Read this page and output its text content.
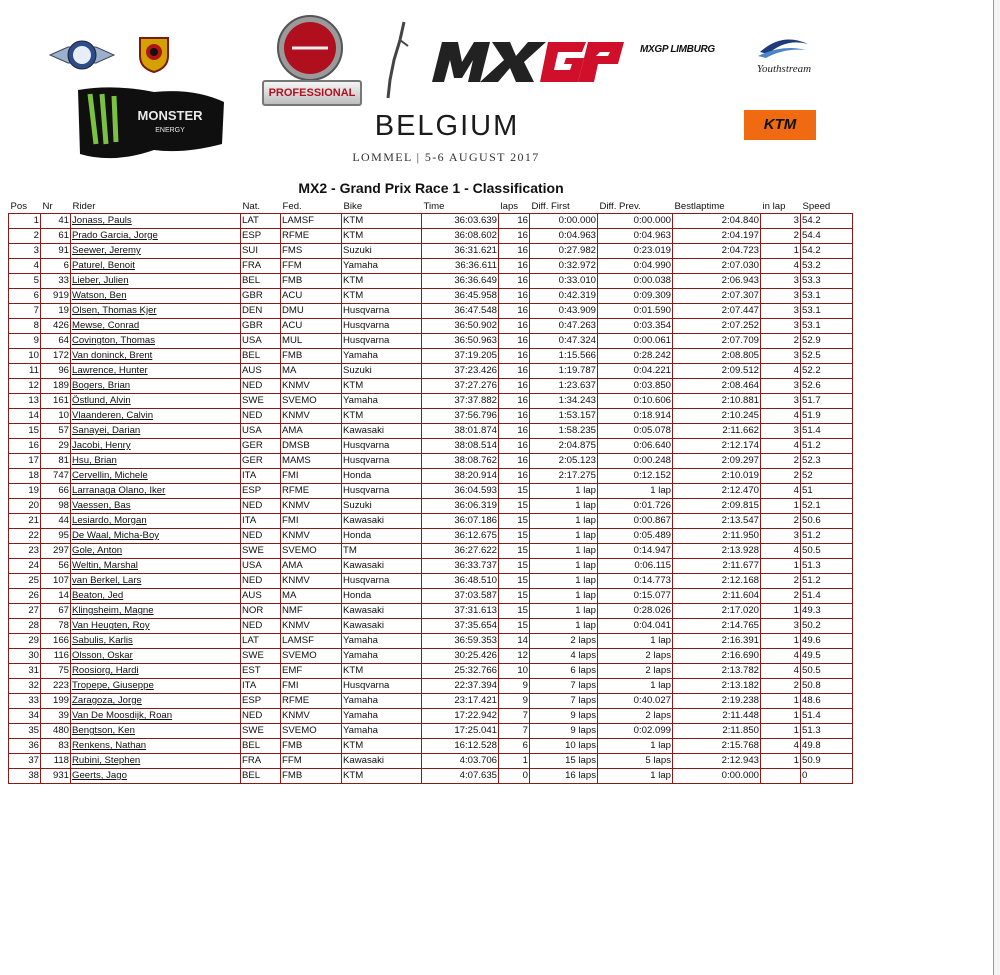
PROFESSIONAL
MXGP LIMBURG
Youthstream
MONSTER
ENERGY	BELGIUM
LOMMEL | 5-6 AUGUST 2017
KTM
MX2 - Grand Prix Race 1 - Classification
Pos	Nr	Rider	Nat.	Fed.	Bike	Time	laps	Diff. First	Diff. Prev.	Bestlaptime	in lap	Speed
1	41	Jonass, Pauls	LAT	LAMSF	KTM	36:03.639	16	0:00.000	0:00.000	2:04.840	3	54.2
2	61	Prado Garcia, Jorge	ESP	RFME	KTM	36:08.602	16	0:04.963	0:04.963	2:04.197	2	54.4
3	91	Seewer, Jeremy	SUI	FMS	Suzuki	36:31.621	16	0:27.982	0:23.019	2:04.723	1	54.2
4	6	Paturel, Benoit	FRA	FFM	Yamaha	36:36.611	16	0:32.972	0:04.990	2:07.030	4	53.2
5	33	Lieber, Julien	BEL	FMB	KTM	36:36.649	16	0:33.010	0:00.038	2:06.943	3	53.3
6	919	Watson, Ben	GBR	ACU	KTM	36:45.958	16	0:42.319	0:09.309	2:07.307	3	53.1
7	19	Olsen, Thomas Kjer	DEN	DMU	Husqvarna	36:47.548	16	0:43.909	0:01.590	2:07.447	3	53.1
8	426	Mewse, Conrad	GBR	ACU	Husqvarna	36:50.902	16	0:47.263	0:03.354	2:07.252	3	53.1
9	64	Covington, Thomas	USA	MUL	Husqvarna	36:50.963	16	0:47.324	0:00.061	2:07.709	2	52.9
10	172	Van doninck, Brent	BEL	FMB	Yamaha	37:19.205	16	1:15.566	0:28.242	2:08.805	3	52.5
11	96	Lawrence, Hunter	AUS	MA	Suzuki	37:23.426	16	1:19.787	0:04.221	2:09.512	4	52.2
12	189	Bogers, Brian	NED	KNMV	KTM	37:27.276	16	1:23.637	0:03.850	2:08.464	3	52.6
13	161	Östlund, Alvin	SWE	SVEMO	Yamaha	37:37.882	16	1:34.243	0:10.606	2:10.881	3	51.7
14	10	Vlaanderen, Calvin	NED	KNMV	KTM	37:56.796	16	1:53.157	0:18.914	2:10.245	4	51.9
15	57	Sanayei, Darian	USA	AMA	Kawasaki	38:01.874	16	1:58.235	0:05.078	2:11.662	3	51.4
16	29	Jacobi, Henry	GER	DMSB	Husqvarna	38:08.514	16	2:04.875	0:06.640	2:12.174	4	51.2
17	81	Hsu, Brian	GER	MAMS	Husqvarna	38:08.762	16	2:05.123	0:00.248	2:09.297	2	52.3
18	747	Cervellin, Michele	ITA	FMI	Honda	38:20.914	16	2:17.275	0:12.152	2:10.019	2	52
19	66	Larranaga Olano, Iker	ESP	RFME	Husqvarna	36:04.593	15	1 lap	1 lap	2:12.470	4	51
20	98	Vaessen, Bas	NED	KNMV	Suzuki	36:06.319	15	1 lap	0:01.726	2:09.815	1	52.1
21	44	Lesiardo, Morgan	ITA	FMI	Kawasaki	36:07.186	15	1 lap	0:00.867	2:13.547	2	50.6
22	95	De Waal, Micha-Boy	NED	KNMV	Honda	36:12.675	15	1 lap	0:05.489	2:11.950	3	51.2
23	297	Gole, Anton	SWE	SVEMO	TM	36:27.622	15	1 lap	0:14.947	2:13.928	4	50.5
24	56	Weltin, Marshal	USA	AMA	Kawasaki	36:33.737	15	1 lap	0:06.115	2:11.677	1	51.3
25	107	van Berkel, Lars	NED	KNMV	Husqvarna	36:48.510	15	1 lap	0:14.773	2:12.168	2	51.2
26	14	Beaton, Jed	AUS	MA	Honda	37:03.587	15	1 lap	0:15.077	2:11.604	2	51.4
27	67	Klingsheim, Magne	NOR	NMF	Kawasaki	37:31.613	15	1 lap	0:28.026	2:17.020	1	49.3
28	78	Van Heugten, Roy	NED	KNMV	Kawasaki	37:35.654	15	1 lap	0:04.041	2:14.765	3	50.2
29	166	Sabulis, Karlis	LAT	LAMSF	Yamaha	36:59.353	14	2 laps	1 lap	2:16.391	1	49.6
30	116	Olsson, Oskar	SWE	SVEMO	Yamaha	30:25.426	12	4 laps	2 laps	2:16.690	4	49.5
31	75	Roosiorg, Hardi	EST	EMF	KTM	25:32.766	10	6 laps	2 laps	2:13.782	4	50.5
32	223	Tropepe, Giuseppe	ITA	FMI	Husqvarna	22:37.394	9	7 laps	1 lap	2:13.182	2	50.8
33	199	Zaragoza, Jorge	ESP	RFME	Yamaha	23:17.421	9	7 laps	0:40.027	2:19.238	1	48.6
34	39	Van De Moosdijk, Roan	NED	KNMV	Yamaha	17:22.942	7	9 laps	2 laps	2:11.448	1	51.4
35	480	Bengtson, Ken	SWE	SVEMO	Yamaha	17:25.041	7	9 laps	0:02.099	2:11.850	1	51.3
36	83	Renkens, Nathan	BEL	FMB	KTM	16:12.528	6	10 laps	1 lap	2:15.768	4	49.8
37	118	Rubini, Stephen	FRA	FFM	Kawasaki	4:03.706	1	15 laps	5 laps	2:12.943	1	50.9
38	931	Geerts, Jago	BEL	FMB	KTM	4:07.635	0	16 laps	1 lap	0:00.000		0
